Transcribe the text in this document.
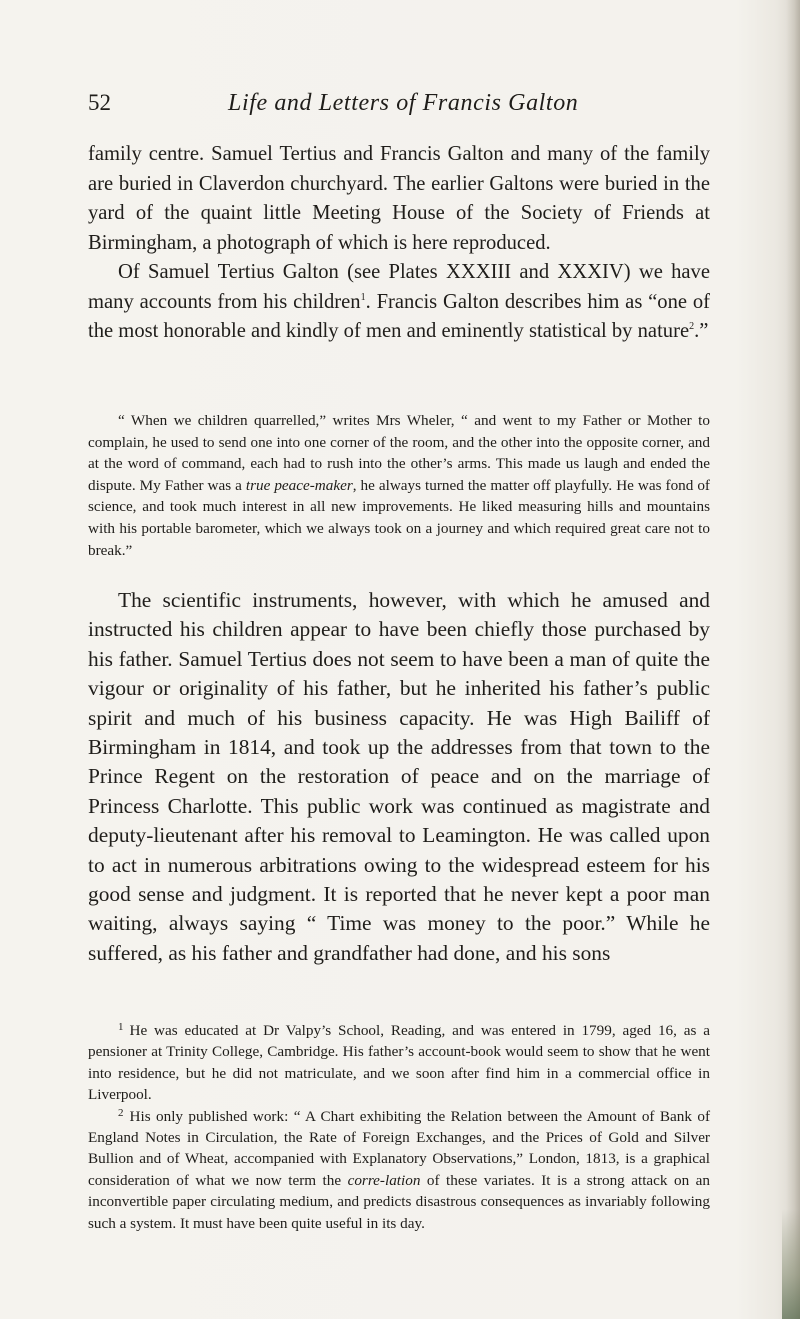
52	Life and Letters of Francis Galton

family centre. Samuel Tertius and Francis Galton and many of the family are buried in Claverdon churchyard. The earlier Galtons were buried in the yard of the quaint little Meeting House of the Society of Friends at Birmingham, a photograph of which is here reproduced.

Of Samuel Tertius Galton (see Plates XXXIII and XXXIV) we have many accounts from his children$^1$. Francis Galton describes him as “one of the most honorable and kindly of men and eminently statistical by nature$^2$.”

“ When we children quarrelled,” writes Mrs Wheler, “ and went to my Father or Mother to complain, he used to send one into one corner of the room, and the other into the opposite corner, and at the word of command, each had to rush into the other’s arms. This made us laugh and ended the dispute. My Father was a true peace-maker, he always turned the matter off playfully. He was fond of science, and took much interest in all new improvements. He liked measuring hills and mountains with his portable barometer, which we always took on a journey and which required great care not to break.”

The scientific instruments, however, with which he amused and instructed his children appear to have been chiefly those purchased by his father. Samuel Tertius does not seem to have been a man of quite the vigour or originality of his father, but he inherited his father’s public spirit and much of his business capacity. He was High Bailiff of Birmingham in 1814, and took up the addresses from that town to the Prince Regent on the restoration of peace and on the marriage of Princess Charlotte. This public work was continued as magistrate and deputy-lieutenant after his removal to Leamington. He was called upon to act in numerous arbitrations owing to the widespread esteem for his good sense and judgment. It is reported that he never kept a poor man waiting, always saying “ Time was money to the poor.” While he suffered, as his father and grandfather had done, and his sons

$^1$ He was educated at Dr Valpy’s School, Reading, and was entered in 1799, aged 16, as a pensioner at Trinity College, Cambridge. His father’s account-book would seem to show that he went into residence, but he did not matriculate, and we soon after find him in a commercial office in Liverpool.

$^2$ His only published work: “ A Chart exhibiting the Relation between the Amount of Bank of England Notes in Circulation, the Rate of Foreign Exchanges, and the Prices of Gold and Silver Bullion and of Wheat, accompanied with Explanatory Observations,” London, 1813, is a graphical consideration of what we now term the corre-lation of these variates. It is a strong attack on an inconvertible paper circulating medium, and predicts disastrous consequences as invariably following such a system. It must have been quite useful in its day.
